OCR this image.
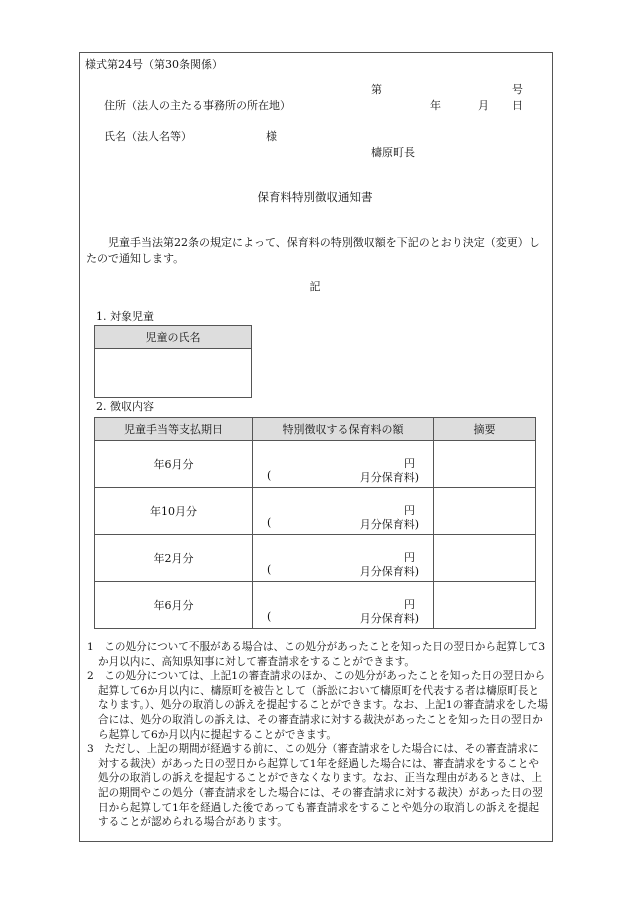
様式第24号（第30条関係）
第	号
住所（法人の主たる事務所の所在地）	年	月 日
氏名（法人名等）	様
檮原町長
保育料特別徴収通知書
児童手当法第22条の規定によって、保育料の特別徴収額を下記のとおり決定（変更）したので通知します。
記
1. 対象児童
児童の氏名

2. 徴収内容
児童手当等支払期日	特別徴収する保育料の額	摘要
年6月分	円
( 月分保育料)	

年10月分	円
( 月分保育料)	

年2月分	円
( 月分保育料)	

年6月分	円
( 月分保育料)	

1　この処分について不服がある場合は、この処分があったことを知った日の翌日から起算して3か月以内に、高知県知事に対して審査請求をすることができます。
2　この処分については、上記1の審査請求のほか、この処分があったことを知った日の翌日から起算して6か月以内に、檮原町を被告として（訴訟において檮原町を代表する者は檮原町長となります。）、処分の取消しの訴えを提起することができます。なお、上記1の審査請求をした場合には、処分の取消しの訴えは、その審査請求に対する裁決があったことを知った日の翌日から起算して6か月以内に提起することができます。
3　ただし、上記の期間が経過する前に、この処分（審査請求をした場合には、その審査請求に対する裁決）があった日の翌日から起算して1年を経過した場合には、審査請求をすることや処分の取消しの訴えを提起することができなくなります。なお、正当な理由があるときは、上記の期間やこの処分（審査請求をした場合には、その審査請求に対する裁決）があった日の翌日から起算して1年を経過した後であっても審査請求をすることや処分の取消しの訴えを提起することが認められる場合があります。
